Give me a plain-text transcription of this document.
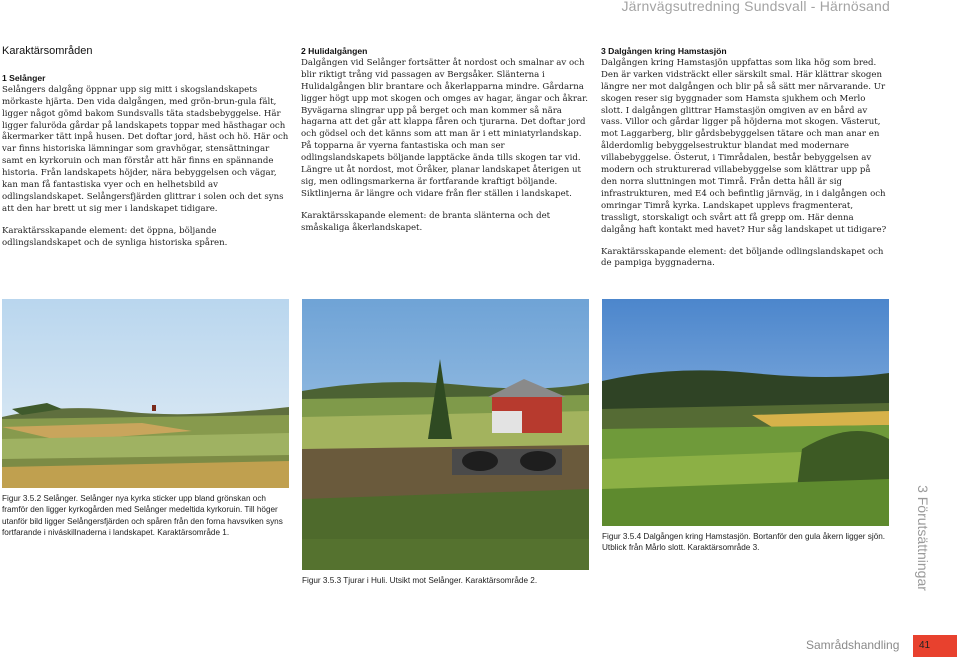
Järnvägsutredning Sundsvall - Härnösand
Karaktärsområden
1 Selånger

Selångers dalgång öppnar upp sig mitt i skogslandskapets mörkaste hjärta. Den vida dalgången, med grön-brun-gula fält, ligger något gömd bakom Sundsvalls täta stadsbebyggelse. Här ligger faluröda gårdar på landskapets toppar med hästhagar och åkermarker tätt inpå husen. Det doftar jord, häst och hö. Här och var finns historiska lämningar som gravhögar, stensättningar samt en kyrkoruin och man förstår att här finns en spännande historia. Från landskapets höjder, nära bebyggelsen och vägar, kan man få fantastiska vyer och en helhetsbild av odlingslandskapet. Selångersfjärden glittrar i solen och det syns att den har brett ut sig mer i landskapet tidigare.

Karaktärsskapande element: det öppna, böljande odlingslandskapet och de synliga historiska spåren.

2 Hulidalgången

Dalgången vid Selånger fortsätter åt nordost och smalnar av och blir riktigt trång vid passagen av Bergsåker. Slänterna i Hulidalgången blir brantare och åkerlapparna mindre. Gårdarna ligger högt upp mot skogen och omges av hagar, ängar och åkrar. Byvägarna slingrar upp på berget och man kommer så nära hagarna att det går att klappa fåren och tjurarna. Det doftar jord och gödsel och det känns som att man är i ett miniatyrlandskap. På topparna är vyerna fantastiska och man ser odlingslandskapets böljande lapptäcke ända tills skogen tar vid. Längre ut åt nordost, mot Öråker, planar landskapet återigen ut sig, men odlingsmarkerna är fortfarande kraftigt böljande. Siktlinjerna är längre och vidare från fler ställen i landskapet.

Karaktärsskapande element: de branta slänterna och det småskaliga åkerlandskapet.

3 Dalgången kring Hamstasjön

Dalgången kring Hamstasjön uppfattas som lika hög som bred. Den är varken vidsträckt eller särskilt smal. Här klättrar skogen längre ner mot dalgången och blir på så sätt mer närvarande. Ur skogen reser sig byggnader som Hamsta sjukhem och Merlo slott. I dalgången glittrar Hamstasjön omgiven av en bård av vass. Villor och gårdar ligger på höjderna mot skogen. Västerut, mot Laggarberg, blir gårdsbebyggelsen tätare och man anar en ålderdomlig bebyggelsestruktur blandat med modernare villabebyggelse. Österut, i Timrådalen, består bebyggelsen av modern och strukturerad villabebyggelse som klättrar upp på den norra sluttningen mot Timrå. Från detta håll är sig infrastrukturen, med E4 och befintlig järnväg, in i dalgången och omringar Timrå kyrka. Landskapet upplevs fragmenterat, trassligt, storskaligt och svårt att få grepp om. Här denna dalgång haft kontakt med havet? Hur såg landskapet ut tidigare?

Karaktärsskapande element: det böljande odlingslandskapet och de pampiga byggnaderna.

Figur 3.5.2 Selånger. Selånger nya kyrka sticker upp bland grönskan och framför den ligger kyrkogården med Selånger medeltida kyrkoruin. Till höger utanför bild ligger Selångersfjärden och spåren från den forna havsviken syns fortfarande i niváskillnaderna i landskapet. Karaktärsområde 1.
Figur 3.5.3 Tjurar i Huli. Utsikt mot Selånger. Karaktärsområde 2.
Figur 3.5.4 Dalgången kring Hamstasjön. Bortanför den gula åkern ligger sjön. Utblick från Mårlo slott. Karaktärsområde 3.	3 Förutsättningar
Samrådshandling	41
